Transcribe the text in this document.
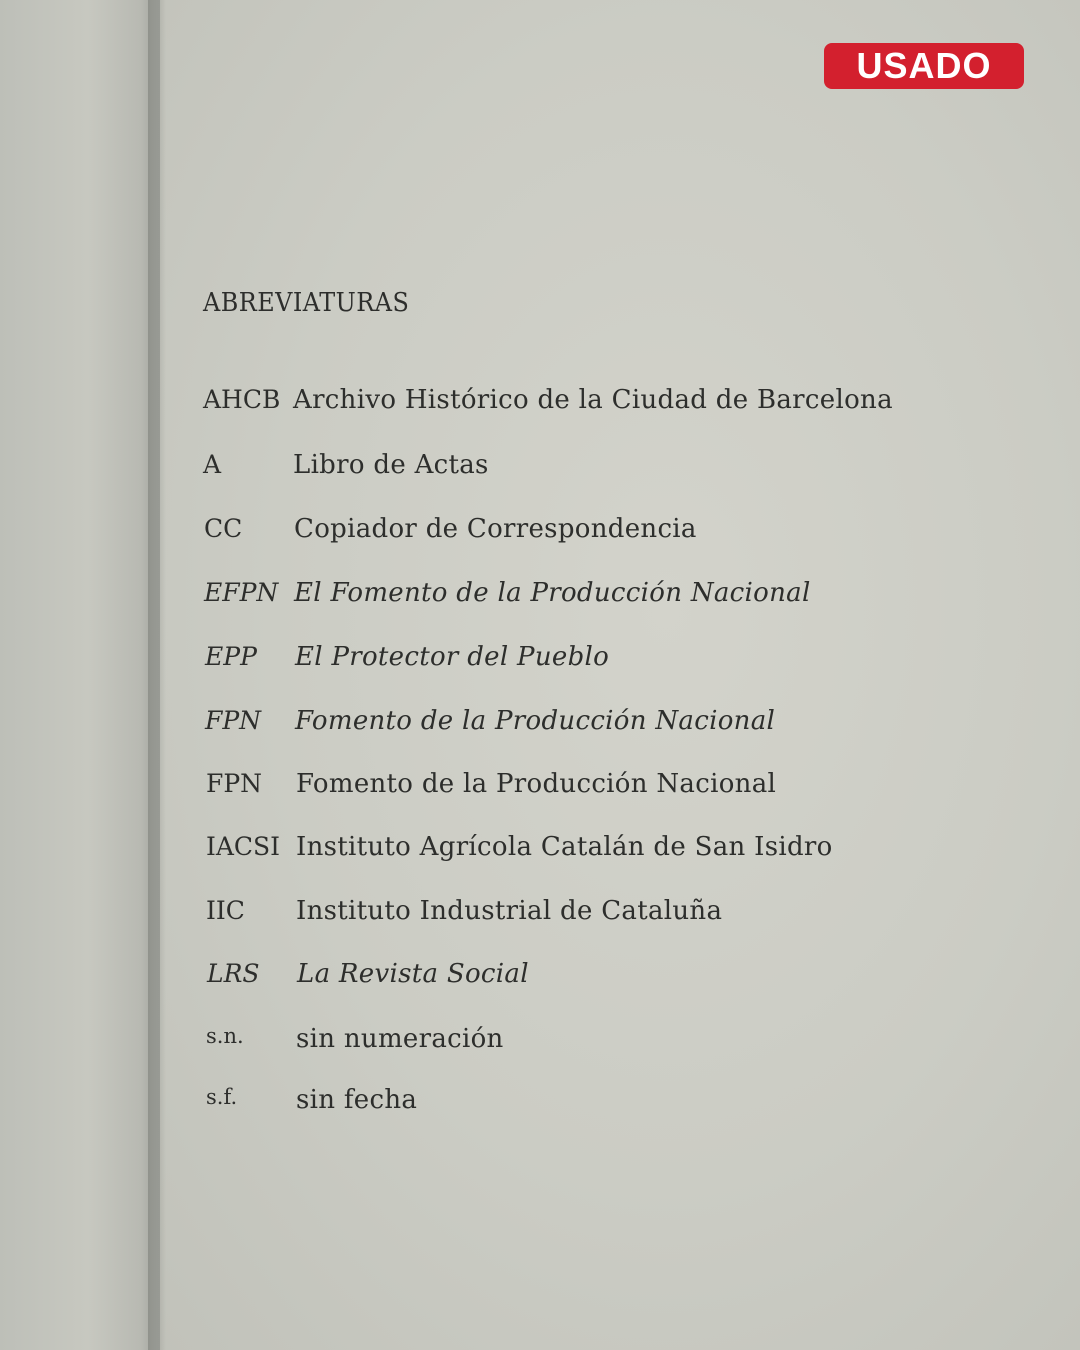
USADO
ABREVIATURAS
AHCB Archivo Histórico de la Ciudad de Barcelona
A	Libro de Actas
CC Copiador de Correspondencia
EFPN El Fomento de la Producción Nacional
EPP El Protector del Pueblo
FPN Fomento de la Producción Nacional
FPN Fomento de la Producción Nacional
IACSI Instituto Agrícola Catalán de San Isidro
IIC Instituto Industrial de Cataluña
LRS La Revista Social
s.n. sin numeración
s.f. sin fecha
